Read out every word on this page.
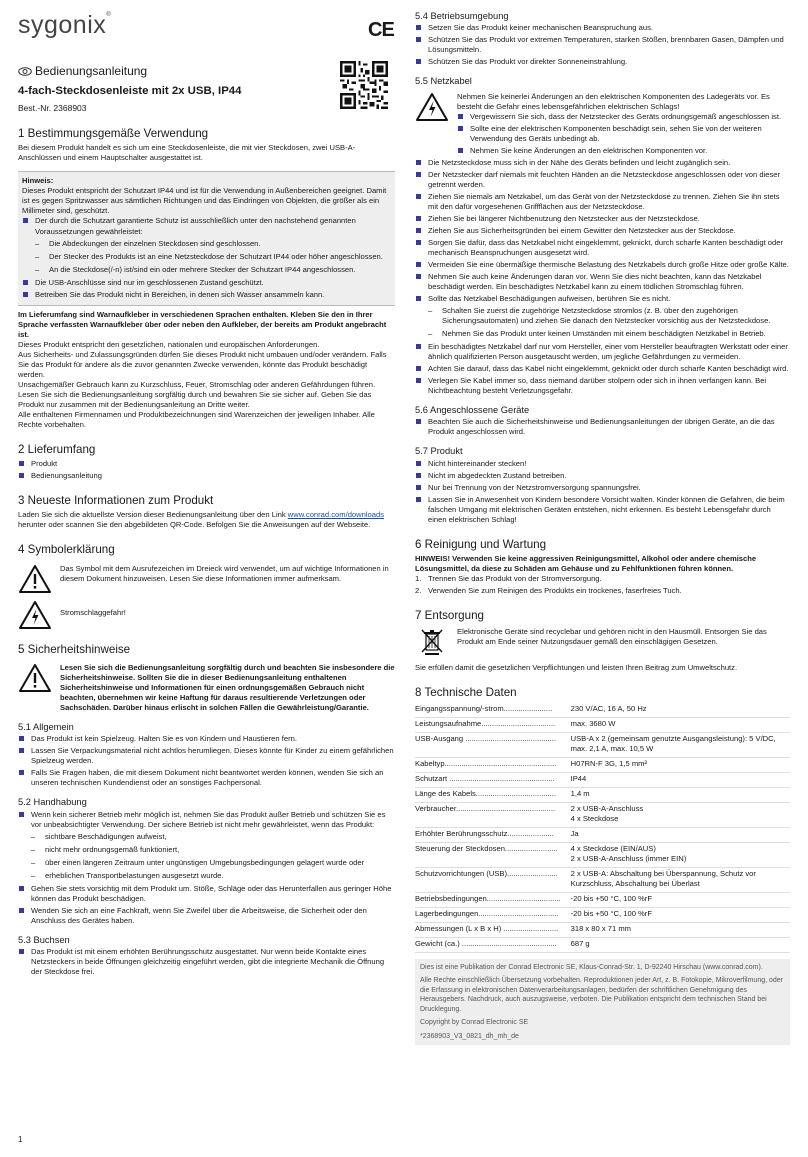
sygonix®
CE
Bedienungsanleitung
4-fach-Steckdosenleiste mit 2x USB, IP44
Best.-Nr. 2368903
1 Bestimmungsgemäße Verwendung

Bei diesem Produkt handelt es sich um eine Steckdosenleiste, die mit vier Steckdosen, zwei USB-A-Anschlüssen und einem Hauptschalter ausgestattet ist.

Hinweis:

Dieses Produkt entspricht der Schutzart IP44 und ist für die Verwendung in Außenbereichen geeignet. Damit ist es gegen Spritzwasser aus sämtlichen Richtungen und das Eindringen von Objekten, die größer als ein Millimeter sind, geschützt.

Der durch die Schutzart garantierte Schutz ist ausschließlich unter den nachstehend genannten Voraussetzungen gewährleistet:
– Die Abdeckungen der einzelnen Steckdosen sind geschlossen.
– Der Stecker des Produkts ist an eine Netzsteckdose der Schutzart IP44 oder höher angeschlossen.
– An die Steckdose(/-n) ist/sind ein oder mehrere Stecker der Schutzart IP44 angeschlossen.
Die USB-Anschlüsse sind nur im geschlossenen Zustand geschützt.
Betreiben Sie das Produkt nicht in Bereichen, in denen sich Wasser ansammeln kann.

Im Lieferumfang sind Warnaufkleber in verschiedenen Sprachen enthalten. Kleben Sie den in Ihrer Sprache verfassten Warnaufkleber über oder neben den Aufkleber, der bereits am Produkt angebracht ist.

Dieses Produkt entspricht den gesetzlichen, nationalen und europäischen Anforderungen.

Aus Sicherheits- und Zulassungsgründen dürfen Sie dieses Produkt nicht umbauen und/oder verändern. Falls Sie das Produkt für andere als die zuvor genannten Zwecke verwenden, könnte das Produkt beschädigt werden.

Unsachgemäßer Gebrauch kann zu Kurzschluss, Feuer, Stromschlag oder anderen Gefährdungen führen.

Lesen Sie sich die Bedienungsanleitung sorgfältig durch und bewahren Sie sie sicher auf. Geben Sie das Produkt nur zusammen mit der Bedienungsanleitung an Dritte weiter.

Alle enthaltenen Firmennamen und Produktbezeichnungen sind Warenzeichen der jeweiligen Inhaber. Alle Rechte vorbehalten.

2 Lieferumfang
Produkt
Bedienungsanleitung
3 Neueste Informationen zum Produkt

Laden Sie sich die aktuellste Version dieser Bedienungsanleitung über den Link www.conrad.com/downloads herunter oder scannen Sie den abgebildeten QR-Code. Befolgen Sie die Anweisungen auf der Webseite.

4 Symbolerklärung

Das Symbol mit dem Ausrufezeichen im Dreieck wird verwendet, um auf wichtige Informationen in diesem Dokument hinzuweisen. Lesen Sie diese Informationen immer aufmerksam.

Stromschlaggefahr!

5 Sicherheitshinweise

Lesen Sie sich die Bedienungsanleitung sorgfältig durch und beachten Sie insbesondere die Sicherheitshinweise. Sollten Sie die in dieser Bedienungsanleitung enthaltenen Sicherheitshinweise und Informationen für einen ordnungsgemäßen Gebrauch nicht beachten, übernehmen wir keine Haftung für daraus resultierende Verletzungen oder Sachschäden. Darüber hinaus erlischt in solchen Fällen die Gewährleistung/Garantie.

5.1 Allgemein
Das Produkt ist kein Spielzeug. Halten Sie es von Kindern und Haustieren fern.
Lassen Sie Verpackungsmaterial nicht achtlos herumliegen. Dieses könnte für Kinder zu einem gefährlichen Spielzeug werden.
Falls Sie Fragen haben, die mit diesem Dokument nicht beantwortet werden können, wenden Sie sich an unseren technischen Kundendienst oder an sonstiges Fachpersonal.
5.2 Handhabung
Wenn kein sicherer Betrieb mehr möglich ist, nehmen Sie das Produkt außer Betrieb und schützen Sie es vor unbeabsichtigter Verwendung. Der sichere Betrieb ist nicht mehr gewährleistet, wenn das Produkt:
– sichtbare Beschädigungen aufweist,
– nicht mehr ordnungsgemäß funktioniert,
– über einen längeren Zeitraum unter ungünstigen Umgebungsbedingungen gelagert wurde oder
– erheblichen Transportbelastungen ausgesetzt wurde.
Gehen Sie stets vorsichtig mit dem Produkt um. Stöße, Schläge oder das Herunterfallen aus geringer Höhe können das Produkt beschädigen.
Wenden Sie sich an eine Fachkraft, wenn Sie Zweifel über die Arbeitsweise, die Sicherheit oder den Anschluss des Gerätes haben.
5.3 Buchsen
Das Produkt ist mit einem erhöhten Berührungsschutz ausgestattet. Nur wenn beide Kontakte eines Netzsteckers in beide Öffnungen gleichzeitig eingeführt werden, gibt die integrierte Mechanik die Öffnung der Steckdose frei.
5.4 Betriebsumgebung
Setzen Sie das Produkt keiner mechanischen Beanspruchung aus.
Schützen Sie das Produkt vor extremen Temperaturen, starken Stößen, brennbaren Gasen, Dämpfen und Lösungsmitteln.
Schützen Sie das Produkt vor direkter Sonneneinstrahlung.
5.5 Netzkabel

Nehmen Sie keinerlei Änderungen an den elektrischen Komponenten des Ladegeräts vor. Es besteht die Gefahr eines lebensgefährlichen elektrischen Schlags!

Vergewissern Sie sich, dass der Netzstecker des Geräts ordnungsgemäß angeschlossen ist.
Sollte eine der elektrischen Komponenten beschädigt sein, sehen Sie von der weiteren Verwendung des Geräts unbedingt ab.
Nehmen Sie keine Änderungen an den elektrischen Komponenten vor.
Die Netzsteckdose muss sich in der Nähe des Geräts befinden und leicht zugänglich sein.
Der Netzstecker darf niemals mit feuchten Händen an die Netzsteckdose angeschlossen oder von dieser getrennt werden.
Ziehen Sie niemals am Netzkabel, um das Gerät von der Netzsteckdose zu trennen. Ziehen Sie ihn stets mit den dafür vorgesehenen Griffflächen aus der Netzsteckdose.
Ziehen Sie bei längerer Nichtbenutzung den Netzstecker aus der Netzsteckdose.
Ziehen Sie aus Sicherheitsgründen bei einem Gewitter den Netzstecker aus der Steckdose.
Sorgen Sie dafür, dass das Netzkabel nicht eingeklemmt, geknickt, durch scharfe Kanten beschädigt oder mechanisch Beanspruchungen ausgesetzt wird.
Vermeiden Sie eine übermäßige thermische Belastung des Netzkabels durch große Hitze oder große Kälte.
Nehmen Sie auch keine Änderungen daran vor. Wenn Sie dies nicht beachten, kann das Netzkabel beschädigt werden. Ein beschädigtes Netzkabel kann zu einem tödlichen Stromschlag führen.
Sollte das Netzkabel Beschädigungen aufweisen, berühren Sie es nicht.
– Schalten Sie zuerst die zugehörige Netzsteckdose stromlos (z. B. über den zugehörigen Sicherungsautomaten) und ziehen Sie danach den Netzstecker vorsichtig aus der Netzsteckdose.
– Nehmen Sie das Produkt unter keinen Umständen mit einem beschädigten Netzkabel in Betrieb.
Ein beschädigtes Netzkabel darf nur vom Hersteller, einer vom Hersteller beauftragten Werkstatt oder einer ähnlich qualifizierten Person ausgetauscht werden, um jegliche Gefährdungen zu vermeiden.
Achten Sie darauf, dass das Kabel nicht eingeklemmt, geknickt oder durch scharfe Kanten beschädigt wird.
Verlegen Sie Kabel immer so, dass niemand darüber stolpern oder sich in ihnen verfangen kann. Bei Nichtbeachtung besteht Verletzungsgefahr.
5.6 Angeschlossene Geräte
Beachten Sie auch die Sicherheitshinweise und Bedienungsanleitungen der übrigen Geräte, an die das Produkt angeschlossen wird.
5.7 Produkt
Nicht hintereinander stecken!
Nicht im abgedeckten Zustand betreiben.
Nur bei Trennung von der Netzstromversorgung spannungsfrei.
Lassen Sie in Anwesenheit von Kindern besondere Vorsicht walten. Kinder können die Gefahren, die beim falschen Umgang mit elektrischen Geräten entstehen, nicht erkennen. Es besteht Lebensgefahr durch einen elektrischen Schlag!
6 Reinigung und Wartung

HINWEIS! Verwenden Sie keine aggressiven Reinigungsmittel, Alkohol oder andere chemische Lösungsmittel, da diese zu Schäden am Gehäuse und zu Fehlfunktionen führen können.

1. Trennen Sie das Produkt von der Stromversorgung.
2. Verwenden Sie zum Reinigen des Produkts ein trockenes, faserfreies Tuch.
7 Entsorgung

Elektronische Geräte sind recyclebar und gehören nicht in den Hausmüll. Entsorgen Sie das Produkt am Ende seiner Nutzungsdauer gemäß den einschlägigen Gesetzen.

Sie erfüllen damit die gesetzlichen Verpflichtungen und leisten Ihren Beitrag zum Umweltschutz.

8 Technische Daten
Eingangsspannung/-strom.......................	230 V/AC, 16 A, 50 Hz
Leistungsaufnahme...................................	max. 3680 W
USB-Ausgang ...........................................	USB-A x 2 (gemeinsam genutzte Ausgangsleistung): 5 V/DC, max. 2,1 A, max. 10,5 W
Kabeltyp.....................................................	H07RN-F 3G, 1,5 mm²
Schutzart ..................................................	IP44
Länge des Kabels......................................	1,4 m
Verbraucher...............................................	2 x USB-A-Anschluss
4 x Steckdose
Erhöhter Berührungsschutz......................	Ja
Steuerung der Steckdosen.........................	4 x Steckdose (EIN/AUS)
2 x USB-A-Anschluss (immer EIN)
Schutzvorrichtungen (USB)........................	2 x USB-A: Abschaltung bei Überspannung, Schutz vor Kurzschluss, Abschaltung bei Überlast
Betriebsbedingungen...................................	-20 bis +50 °C, 100 %rF
Lagerbedingungen......................................	-20 bis +50 °C, 100 %rF
Abmessungen (L x B x H) ..........................	318 x 80 x 71 mm
Gewicht (ca.) .............................................	687 g

Dies ist eine Publikation der Conrad Electronic SE, Klaus-Conrad-Str. 1, D-92240 Hirschau (www.conrad.com).

Alle Rechte einschließlich Übersetzung vorbehalten. Reproduktionen jeder Art, z. B. Fotokopie, Mikroverfilmung, oder die Erfassung in elektronischen Datenverarbeitungsanlagen, bedürfen der schriftlichen Genehmigung des Herausgebers. Nachdruck, auch auszugsweise, verboten. Die Publikation entspricht dem technischen Stand bei Drucklegung.

Copyright by Conrad Electronic SE

*2368903_V3_0821_dh_mh_de

1
